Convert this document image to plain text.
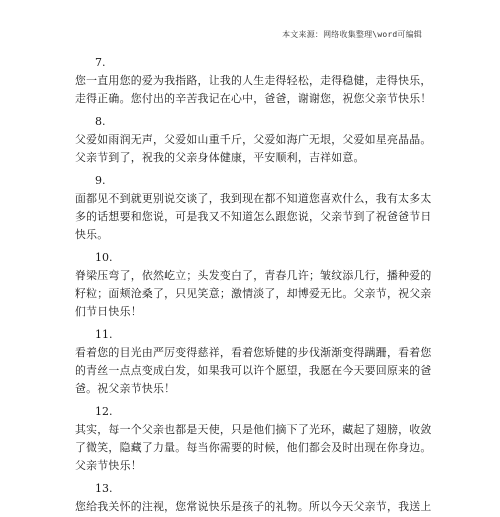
本文来源：网络收集整理\word可编辑
7.
您一直用您的爱为我指路，让我的人生走得轻松，走得稳健，走得快乐，
走得正确。您付出的辛苦我记在心中，爸爸，谢谢您，祝您父亲节快乐！
8.
父爱如雨润无声，父爱如山重千斤，父爱如海广无垠，父爱如星亮晶晶。
父亲节到了，祝我的父亲身体健康，平安顺利，吉祥如意。
9.
面都见不到就更别说交谈了，我到现在都不知道您喜欢什么，我有太多太
多的话想要和您说，可是我又不知道怎么跟您说，父亲节到了祝爸爸节日
快乐。
10.
脊梁压弯了，依然屹立；头发变白了，青春几许；皱纹添几行，播种爱的
籽粒；面颊沧桑了，只见笑意；激情淡了，却博爱无比。父亲节，祝父亲
们节日快乐！
11.
看着您的目光由严厉变得慈祥，看着您矫健的步伐渐渐变得蹒跚，看着您
的青丝一点点变成白发，如果我可以许个愿望，我愿在今天要回原来的爸
爸。祝父亲节快乐！
12.
其实，每一个父亲也都是天使，只是他们摘下了光环，藏起了翅膀，收敛
了微笑，隐藏了力量。每当你需要的时候，他们都会及时出现在你身边。
父亲节快乐！
13.
您给我关怀的注视，您常说快乐是孩子的礼物。所以今天父亲节，我送上
